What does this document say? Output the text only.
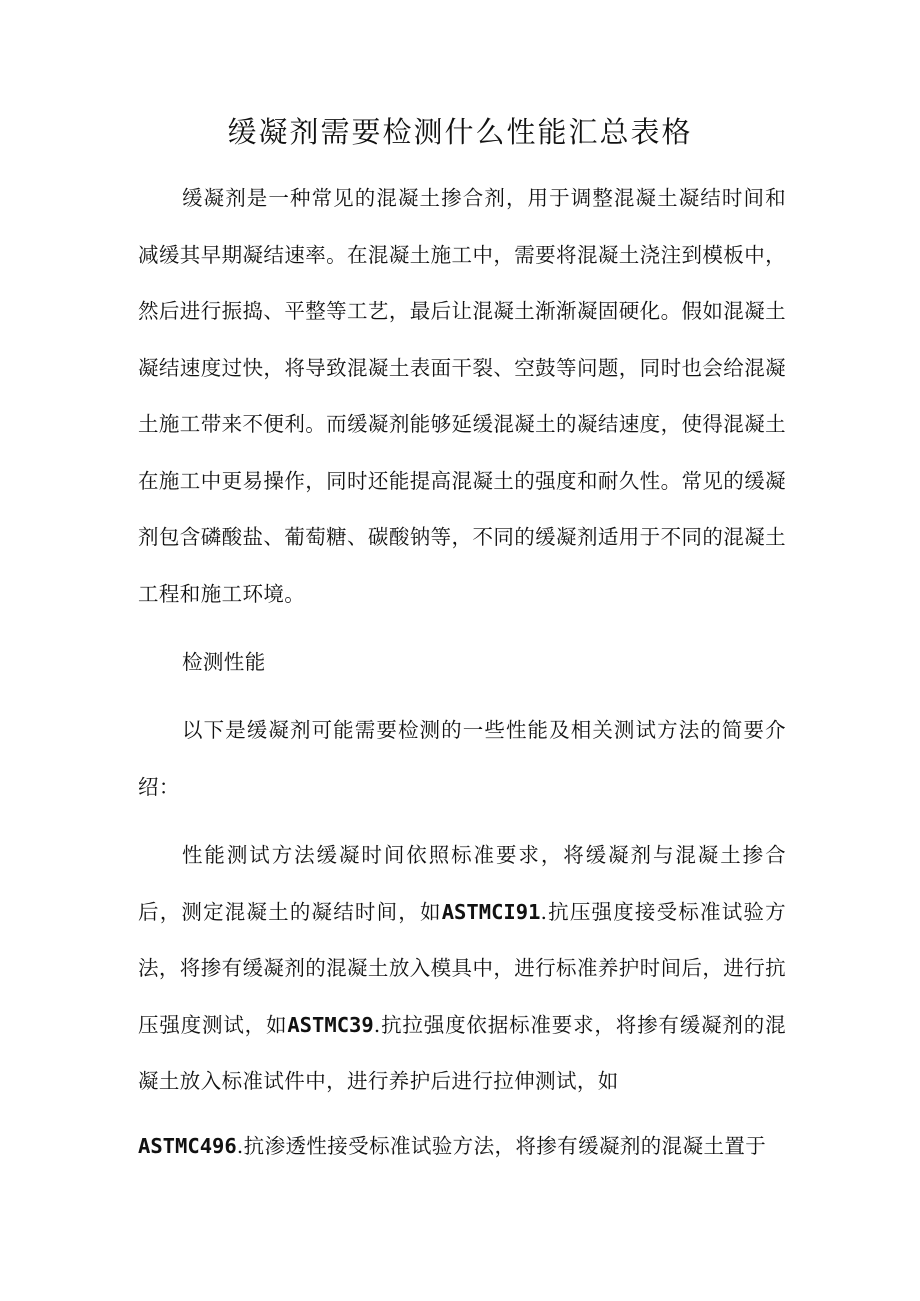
缓凝剂需要检测什么性能汇总表格

缓凝剂是一种常见的混凝土掺合剂，用于调整混凝土凝结时间和减缓其早期凝结速率。在混凝土施工中，需要将混凝土浇注到模板中，然后进行振捣、平整等工艺，最后让混凝土渐渐凝固硬化。假如混凝土凝结速度过快，将导致混凝土表面干裂、空鼓等问题，同时也会给混凝土施工带来不便利。而缓凝剂能够延缓混凝土的凝结速度，使得混凝土在施工中更易操作，同时还能提高混凝土的强度和耐久性。常见的缓凝剂包含磷酸盐、葡萄糖、碳酸钠等，不同的缓凝剂适用于不同的混凝土工程和施工环境。

检测性能

以下是缓凝剂可能需要检测的一些性能及相关测试方法的简要介绍：

性能测试方法缓凝时间依照标准要求，将缓凝剂与混凝土掺合后，测定混凝土的凝结时间，如ASTMCI91.抗压强度接受标准试验方法，将掺有缓凝剂的混凝土放入模具中，进行标准养护时间后，进行抗压强度测试，如ASTMC39.抗拉强度依据标准要求，将掺有缓凝剂的混凝土放入标准试件中，进行养护后进行拉伸测试，如

ASTMC496.抗渗透性接受标准试验方法，将掺有缓凝剂的混凝土置于
